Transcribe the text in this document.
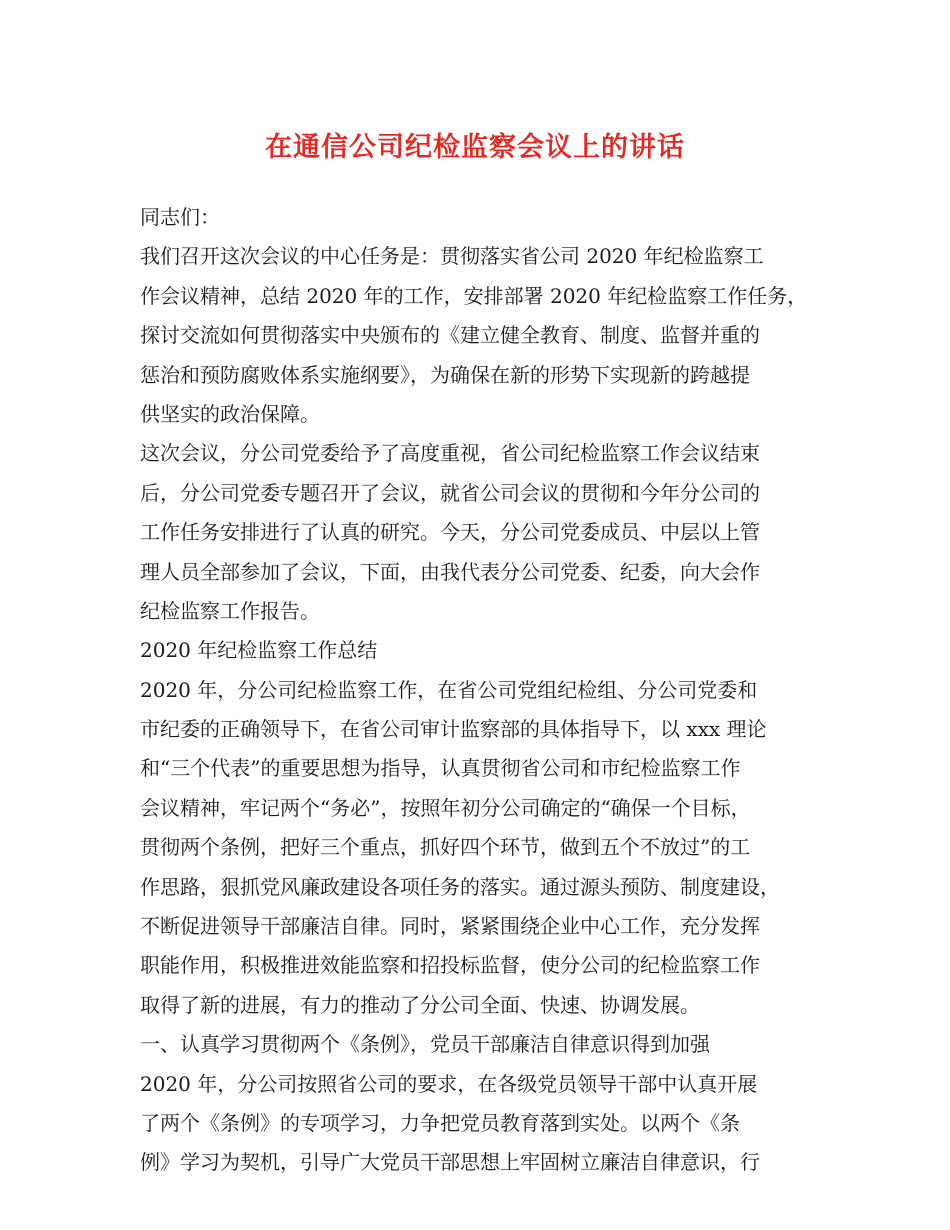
在通信公司纪检监察会议上的讲话
同志们：
我们召开这次会议的中心任务是：贯彻落实省公司 2020 年纪检监察工
作会议精神，总结 2020 年的工作，安排部署 2020 年纪检监察工作任务，
探讨交流如何贯彻落实中央颁布的《建立健全教育、制度、监督并重的
惩治和预防腐败体系实施纲要》，为确保在新的形势下实现新的跨越提
供坚实的政治保障。
这次会议，分公司党委给予了高度重视，省公司纪检监察工作会议结束
后，分公司党委专题召开了会议，就省公司会议的贯彻和今年分公司的
工作任务安排进行了认真的研究。今天，分公司党委成员、中层以上管
理人员全部参加了会议，下面，由我代表分公司党委、纪委，向大会作
纪检监察工作报告。
2020 年纪检监察工作总结
2020 年，分公司纪检监察工作，在省公司党组纪检组、分公司党委和
市纪委的正确领导下，在省公司审计监察部的具体指导下，以 xxx 理论
和“三个代表”的重要思想为指导，认真贯彻省公司和市纪检监察工作
会议精神，牢记两个“务必”，按照年初分公司确定的“确保一个目标，
贯彻两个条例，把好三个重点，抓好四个环节，做到五个不放过”的工
作思路，狠抓党风廉政建设各项任务的落实。通过源头预防、制度建设，
不断促进领导干部廉洁自律。同时，紧紧围绕企业中心工作，充分发挥
职能作用，积极推进效能监察和招投标监督，使分公司的纪检监察工作
取得了新的进展，有力的推动了分公司全面、快速、协调发展。
一、认真学习贯彻两个《条例》，党员干部廉洁自律意识得到加强
2020 年，分公司按照省公司的要求，在各级党员领导干部中认真开展
了两个《条例》的专项学习，力争把党员教育落到实处。以两个《条
例》学习为契机，引导广大党员干部思想上牢固树立廉洁自律意识，行
